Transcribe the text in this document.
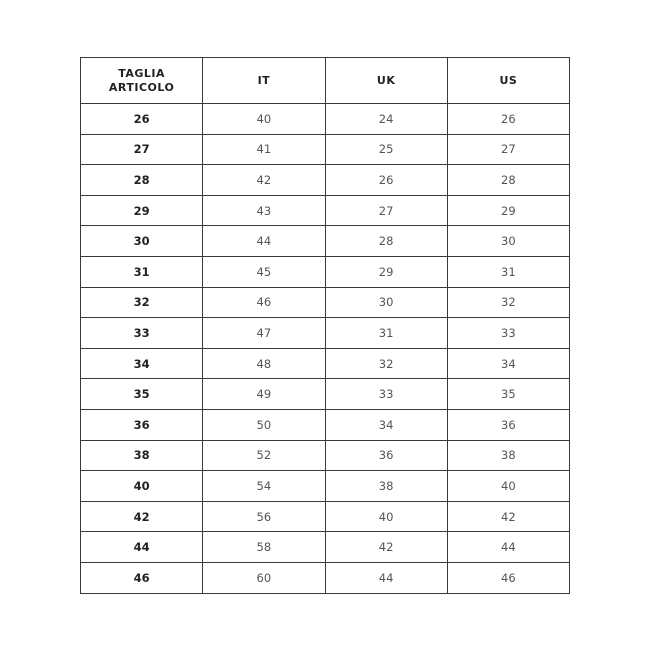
TAGLIA
ARTICOLO	IT	UK	US
26	40	24	26
27	41	25	27
28	42	26	28
29	43	27	29
30	44	28	30
31	45	29	31
32	46	30	32
33	47	31	33
34	48	32	34
35	49	33	35
36	50	34	36
38	52	36	38
40	54	38	40
42	56	40	42
44	58	42	44
46	60	44	46
